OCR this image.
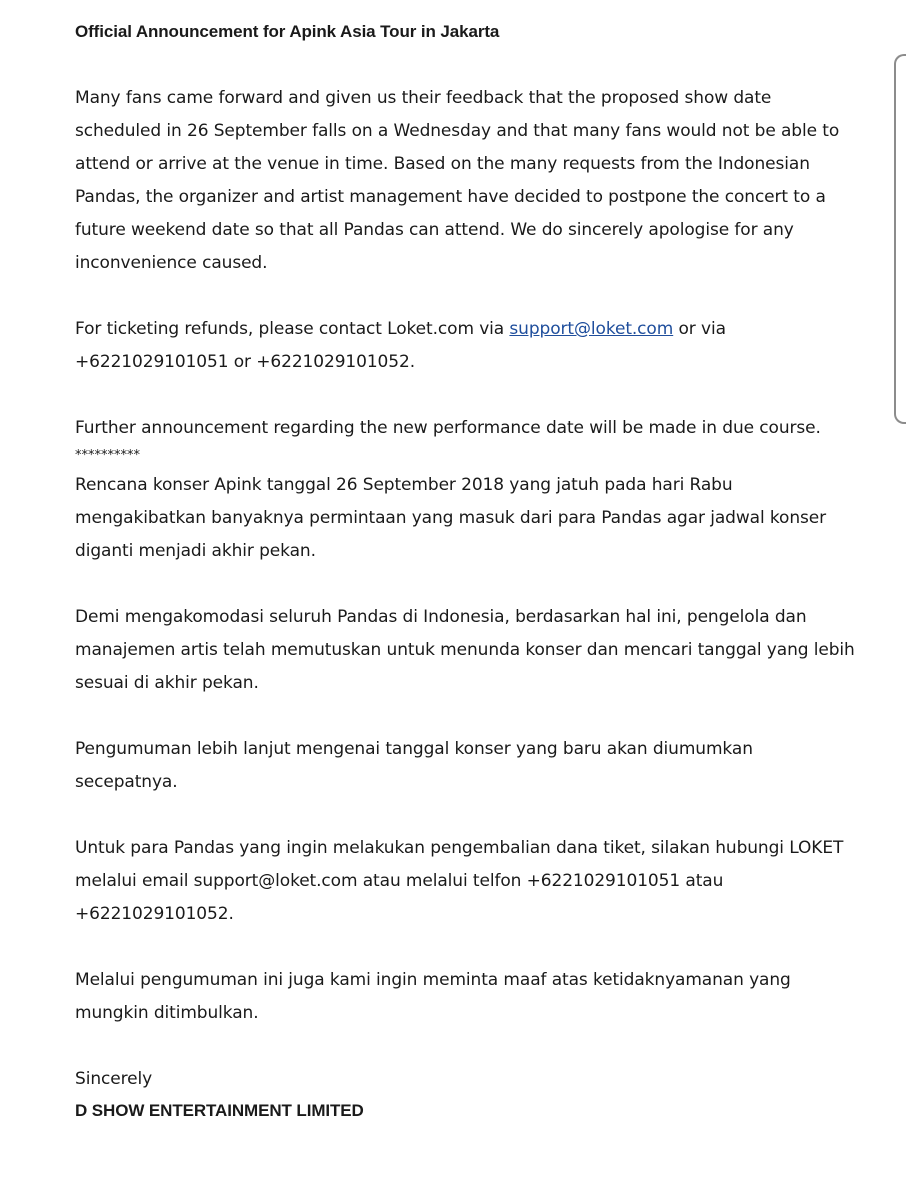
Official Announcement for Apink Asia Tour in Jakarta

Many fans came forward and given us their feedback that the proposed show date scheduled in 26 September falls on a Wednesday and that many fans would not be able to attend or arrive at the venue in time. Based on the many requests from the Indonesian Pandas, the organizer and artist management have decided to postpone the concert to a future weekend date so that all Pandas can attend. We do sincerely apologise for any inconvenience caused.

For ticketing refunds, please contact Loket.com via support@loket.com or via +6221029101051 or +6221029101052.

Further announcement regarding the new performance date will be made in due course.

**********

Rencana konser Apink tanggal 26 September 2018 yang jatuh pada hari Rabu mengakibatkan banyaknya permintaan yang masuk dari para Pandas agar jadwal konser diganti menjadi akhir pekan.

Demi mengakomodasi seluruh Pandas di Indonesia, berdasarkan hal ini, pengelola dan manajemen artis telah memutuskan untuk menunda konser dan mencari tanggal yang lebih sesuai di akhir pekan.

Pengumuman lebih lanjut mengenai tanggal konser yang baru akan diumumkan secepatnya.

Untuk para Pandas yang ingin melakukan pengembalian dana tiket, silakan hubungi LOKET melalui email support@loket.com atau melalui telfon +6221029101051 atau +6221029101052.

Melalui pengumuman ini juga kami ingin meminta maaf atas ketidaknyamanan yang mungkin ditimbulkan.

Sincerely

D SHOW ENTERTAINMENT LIMITED
